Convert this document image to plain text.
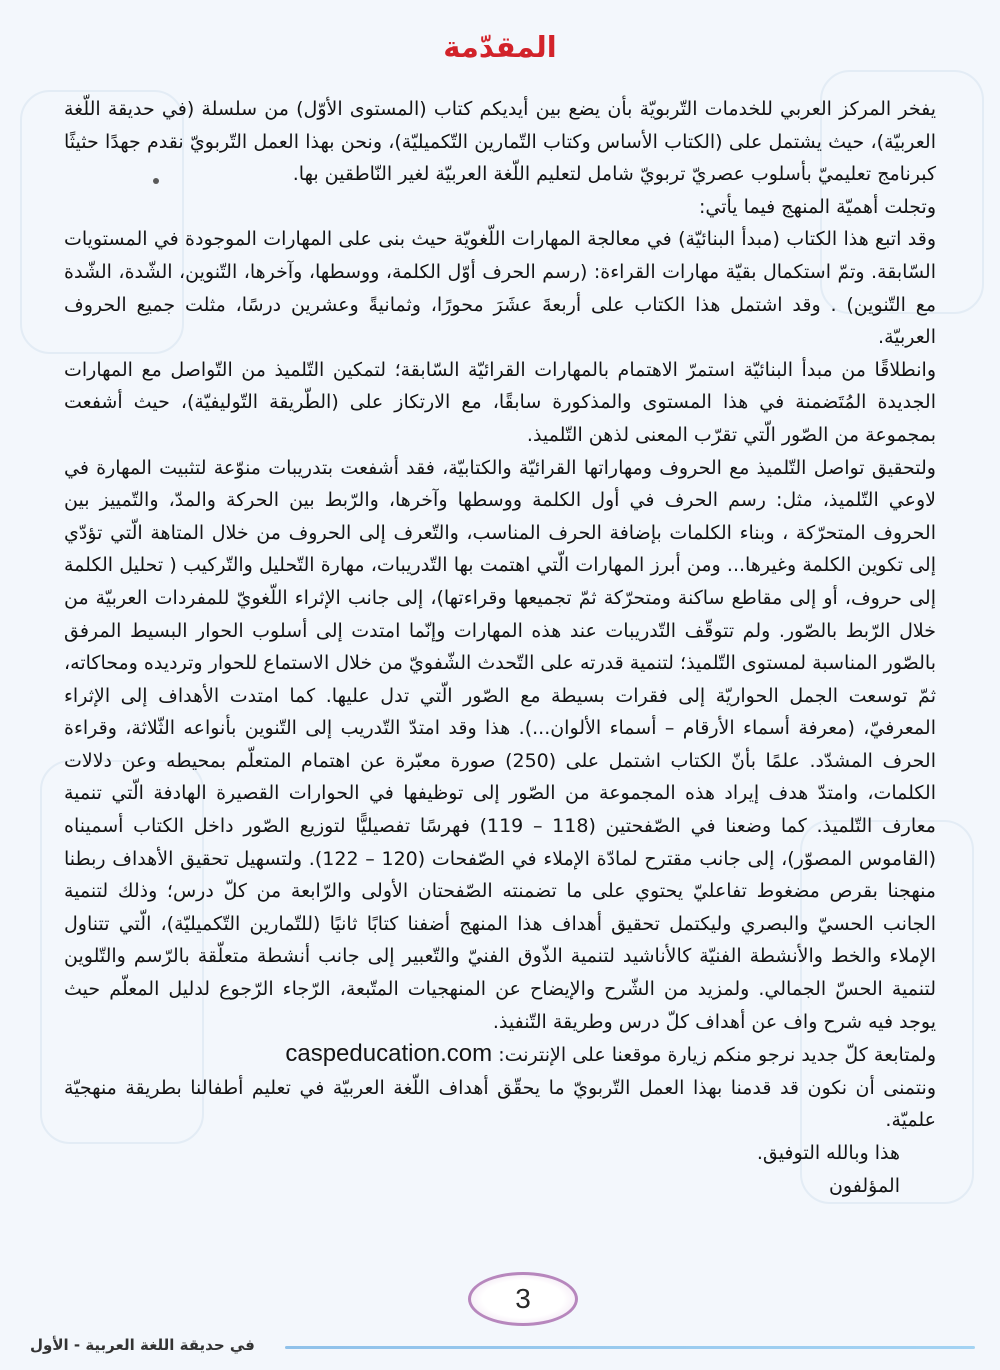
المقدّمة

يفخر المركز العربي للخدمات التّربويّة بأن يضع بين أيديكم كتاب (المستوى الأوّل) من سلسلة (في حديقة اللّغة العربيّة)، حيث يشتمل على (الكتاب الأساس وكتاب التّمارين التّكميليّة)، ونحن بهذا العمل التّربويّ نقدم جهدًا حثيثًا كبرنامج تعليميّ بأسلوب عصريّ تربويّ شامل لتعليم اللّغة العربيّة لغير النّاطقين بها.

وتجلت أهميّة المنهج فيما يأتي:

وقد اتبع هذا الكتاب (مبدأ البنائيّة) في معالجة المهارات اللّغويّة حيث بنى على المهارات الموجودة في المستويات السّابقة. وتمّ استكمال بقيّة مهارات القراءة: (رسم الحرف أوّل الكلمة، ووسطها، وآخرها، التّنوين، الشّدة، الشّدة مع التّنوين) . وقد اشتمل هذا الكتاب على أربعةَ عشَرَ محورًا، وثمانيةً وعشرين درسًا، مثلت جميع الحروف العربيّة.

وانطلاقًا من مبدأ البنائيّة استمرّ الاهتمام بالمهارات القرائيّة السّابقة؛ لتمكين التّلميذ من التّواصل مع المهارات الجديدة المُتَضمنة في هذا المستوى والمذكورة سابقًا، مع الارتكاز على (الطّريقة التّوليفيّة)، حيث أشفعت بمجموعة من الصّور الّتي تقرّب المعنى لذهن التّلميذ.

ولتحقيق تواصل التّلميذ مع الحروف ومهاراتها القرائيّة والكتابيّة، فقد أشفعت بتدريبات منوّعة لتثبيت المهارة في لاوعي التّلميذ، مثل: رسم الحرف في أول الكلمة ووسطها وآخرها، والرّبط بين الحركة والمدّ، والتّمييز بين الحروف المتحرّكة ، وبناء الكلمات بإضافة الحرف المناسب، والتّعرف إلى الحروف من خلال المتاهة الّتي تؤدّي إلى تكوين الكلمة وغيرها... ومن أبرز المهارات الّتي اهتمت بها التّدريبات، مهارة التّحليل والتّركيب ( تحليل الكلمة إلى حروف، أو إلى مقاطع ساكنة ومتحرّكة ثمّ تجميعها وقراءتها)، إلى جانب الإثراء اللّغويّ للمفردات العربيّة من خلال الرّبط بالصّور. ولم تتوقّف التّدريبات عند هذه المهارات وإنّما امتدت إلى أسلوب الحوار البسيط المرفق بالصّور المناسبة لمستوى التّلميذ؛ لتنمية قدرته على التّحدث الشّفويّ من خلال الاستماع للحوار وترديده ومحاكاته، ثمّ توسعت الجمل الحواريّة إلى فقرات بسيطة مع الصّور الّتي تدل عليها. كما امتدت الأهداف إلى الإثراء المعرفيّ، (معرفة أسماء الأرقام – أسماء الألوان...). هذا وقد امتدّ التّدريب إلى التّنوين بأنواعه الثّلاثة، وقراءة الحرف المشدّد. علمًا بأنّ الكتاب اشتمل على (250) صورة معبّرة عن اهتمام المتعلّم بمحيطه وعن دلالات الكلمات، وامتدّ هدف إيراد هذه المجموعة من الصّور إلى توظيفها في الحوارات القصيرة الهادفة الّتي تنمية معارف التّلميذ. كما وضعنا في الصّفحتين (118 – 119) فهرسًا تفصيليًّا لتوزيع الصّور داخل الكتاب أسميناه (القاموس المصوّر)، إلى جانب مقترح لمادّة الإملاء في الصّفحات (120 – 122). ولتسهيل تحقيق الأهداف ربطنا منهجنا بقرص مضغوط تفاعليّ يحتوي على ما تضمنته الصّفحتان الأولى والرّابعة من كلّ درس؛ وذلك لتنمية الجانب الحسيّ والبصري وليكتمل تحقيق أهداف هذا المنهج أضفنا كتابًا ثانيًا (للتّمارين التّكميليّة)، الّتي تتناول الإملاء والخط والأنشطة الفنيّة كالأناشيد لتنمية الذّوق الفنيّ والتّعبير إلى جانب أنشطة متعلّقة بالرّسم والتّلوين لتنمية الحسّ الجمالي. ولمزيد من الشّرح والإيضاح عن المنهجيات المتّبعة، الرّجاء الرّجوع لدليل المعلّم حيث يوجد فيه شرح واف عن أهداف كلّ درس وطريقة التّنفيذ.

ولمتابعة كلّ جديد نرجو منكم زيارة موقعنا على الإنترنت: caspeducation.com

ونتمنى أن نكون قد قدمنا بهذا العمل التّربويّ ما يحقّق أهداف اللّغة العربيّة في تعليم أطفالنا بطريقة منهجيّة علميّة.

هذا وبالله التوفيق.

المؤلفون

3
في حديقة اللغة العربية - الأول
